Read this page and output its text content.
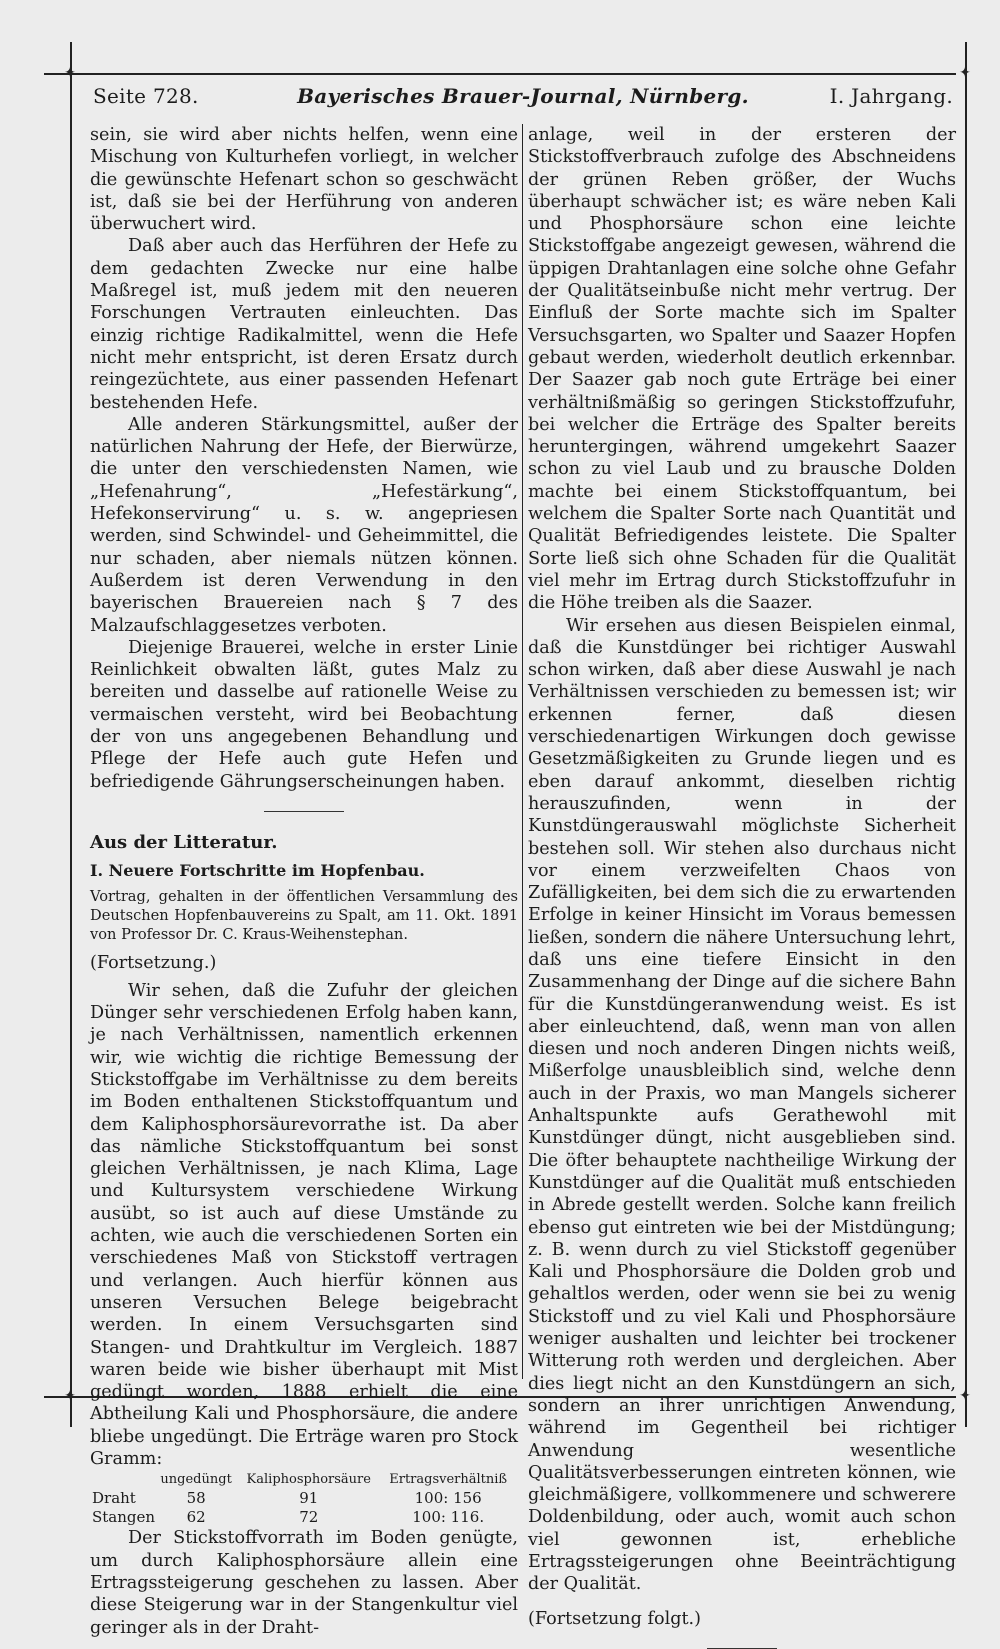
✦	✦
✦	✦
Seite 728.	Bayerisches Brauer-Journal, Nürnberg.	I. Jahrgang.

sein, sie wird aber nichts helfen, wenn eine Mischung von Kulturhefen vorliegt, in welcher die gewünschte Hefenart schon so geschwächt ist, daß sie bei der Herführung von anderen überwuchert wird.

Daß aber auch das Herführen der Hefe zu dem gedachten Zwecke nur eine halbe Maßregel ist, muß jedem mit den neueren Forschungen Vertrauten einleuchten. Das einzig richtige Radikalmittel, wenn die Hefe nicht mehr entspricht, ist deren Ersatz durch reingezüchtete, aus einer passenden Hefenart bestehenden Hefe.

Alle anderen Stärkungsmittel, außer der natürlichen Nahrung der Hefe, der Bierwürze, die unter den verschiedensten Namen, wie „Hefenahrung“, „Hefestärkung“, Hefekonservirung“ u. s. w. angepriesen werden, sind Schwindel- und Geheimmittel, die nur schaden, aber niemals nützen können. Außerdem ist deren Verwendung in den bayerischen Brauereien nach § 7 des Malzaufschlaggesetzes verboten.

Diejenige Brauerei, welche in erster Linie Reinlichkeit obwalten läßt, gutes Malz zu bereiten und dasselbe auf rationelle Weise zu vermaischen versteht, wird bei Beobachtung der von uns angegebenen Behandlung und Pflege der Hefe auch gute Hefen und befriedigende Gährungserscheinungen haben.

Aus der Litteratur.

I. Neuere Fortschritte im Hopfenbau.

Vortrag, gehalten in der öffentlichen Versammlung des Deutschen Hopfenbauvereins zu Spalt, am 11. Okt. 1891 von Professor Dr. C. Kraus-Weihenstephan.

(Fortsetzung.)

Wir sehen, daß die Zufuhr der gleichen Dünger sehr verschiedenen Erfolg haben kann, je nach Verhältnissen, namentlich erkennen wir, wie wichtig die richtige Bemessung der Stickstoffgabe im Verhältnisse zu dem bereits im Boden enthaltenen Stickstoffquantum und dem Kaliphosphorsäurevorrathe ist. Da aber das nämliche Stickstoffquantum bei sonst gleichen Verhältnissen, je nach Klima, Lage und Kultursystem verschiedene Wirkung ausübt, so ist auch auf diese Umstände zu achten, wie auch die verschiedenen Sorten ein verschiedenes Maß von Stickstoff vertragen und verlangen. Auch hierfür können aus unseren Versuchen Belege beigebracht werden. In einem Versuchsgarten sind Stangen- und Drahtkultur im Vergleich. 1887 waren beide wie bisher überhaupt mit Mist gedüngt worden, 1888 erhielt die eine Abtheilung Kali und Phosphorsäure, die andere bliebe ungedüngt. Die Erträge waren pro Stock Gramm:

	ungedüngt	Kaliphosphorsäure	Ertragsverhältniß
Draht	58	91	100: 156
Stangen	62	72	100: 116.

Der Stickstoffvorrath im Boden genügte, um durch Kaliphosphorsäure allein eine Ertragssteigerung geschehen zu lassen. Aber diese Steigerung war in der Stangenkultur viel geringer als in der Draht-

anlage, weil in der ersteren der Stickstoffverbrauch zufolge des Abschneidens der grünen Reben größer, der Wuchs überhaupt schwächer ist; es wäre neben Kali und Phosphorsäure schon eine leichte Stickstoffgabe angezeigt gewesen, während die üppigen Drahtanlagen eine solche ohne Gefahr der Qualitätseinbuße nicht mehr vertrug. Der Einfluß der Sorte machte sich im Spalter Versuchsgarten, wo Spalter und Saazer Hopfen gebaut werden, wiederholt deutlich erkennbar. Der Saazer gab noch gute Erträge bei einer verhältnißmäßig so geringen Stickstoffzufuhr, bei welcher die Erträge des Spalter bereits heruntergingen, während umgekehrt Saazer schon zu viel Laub und zu brausche Dolden machte bei einem Stickstoffquantum, bei welchem die Spalter Sorte nach Quantität und Qualität Befriedigendes leistete. Die Spalter Sorte ließ sich ohne Schaden für die Qualität viel mehr im Ertrag durch Stickstoffzufuhr in die Höhe treiben als die Saazer.

Wir ersehen aus diesen Beispielen einmal, daß die Kunstdünger bei richtiger Auswahl schon wirken, daß aber diese Auswahl je nach Verhältnissen verschieden zu bemessen ist; wir erkennen ferner, daß diesen verschiedenartigen Wirkungen doch gewisse Gesetzmäßigkeiten zu Grunde liegen und es eben darauf ankommt, dieselben richtig herauszufinden, wenn in der Kunstdüngerauswahl möglichste Sicherheit bestehen soll. Wir stehen also durchaus nicht vor einem verzweifelten Chaos von Zufälligkeiten, bei dem sich die zu erwartenden Erfolge in keiner Hinsicht im Voraus bemessen ließen, sondern die nähere Untersuchung lehrt, daß uns eine tiefere Einsicht in den Zusammenhang der Dinge auf die sichere Bahn für die Kunstdüngeranwendung weist. Es ist aber einleuchtend, daß, wenn man von allen diesen und noch anderen Dingen nichts weiß, Mißerfolge unausbleiblich sind, welche denn auch in der Praxis, wo man Mangels sicherer Anhaltspunkte aufs Gerathewohl mit Kunstdünger düngt, nicht ausgeblieben sind. Die öfter behauptete nachtheilige Wirkung der Kunstdünger auf die Qualität muß entschieden in Abrede gestellt werden. Solche kann freilich ebenso gut eintreten wie bei der Mistdüngung; z. B. wenn durch zu viel Stickstoff gegenüber Kali und Phosphorsäure die Dolden grob und gehaltlos werden, oder wenn sie bei zu wenig Stickstoff und zu viel Kali und Phosphorsäure weniger aushalten und leichter bei trockener Witterung roth werden und dergleichen. Aber dies liegt nicht an den Kunstdüngern an sich, sondern an ihrer unrichtigen Anwendung, während im Gegentheil bei richtiger Anwendung wesentliche Qualitätsverbesserungen eintreten können, wie gleichmäßigere, vollkommenere und schwerere Doldenbildung, oder auch, womit auch schon viel gewonnen ist, erhebliche Ertragssteigerungen ohne Beeinträchtigung der Qualität.

(Fortsetzung folgt.)
